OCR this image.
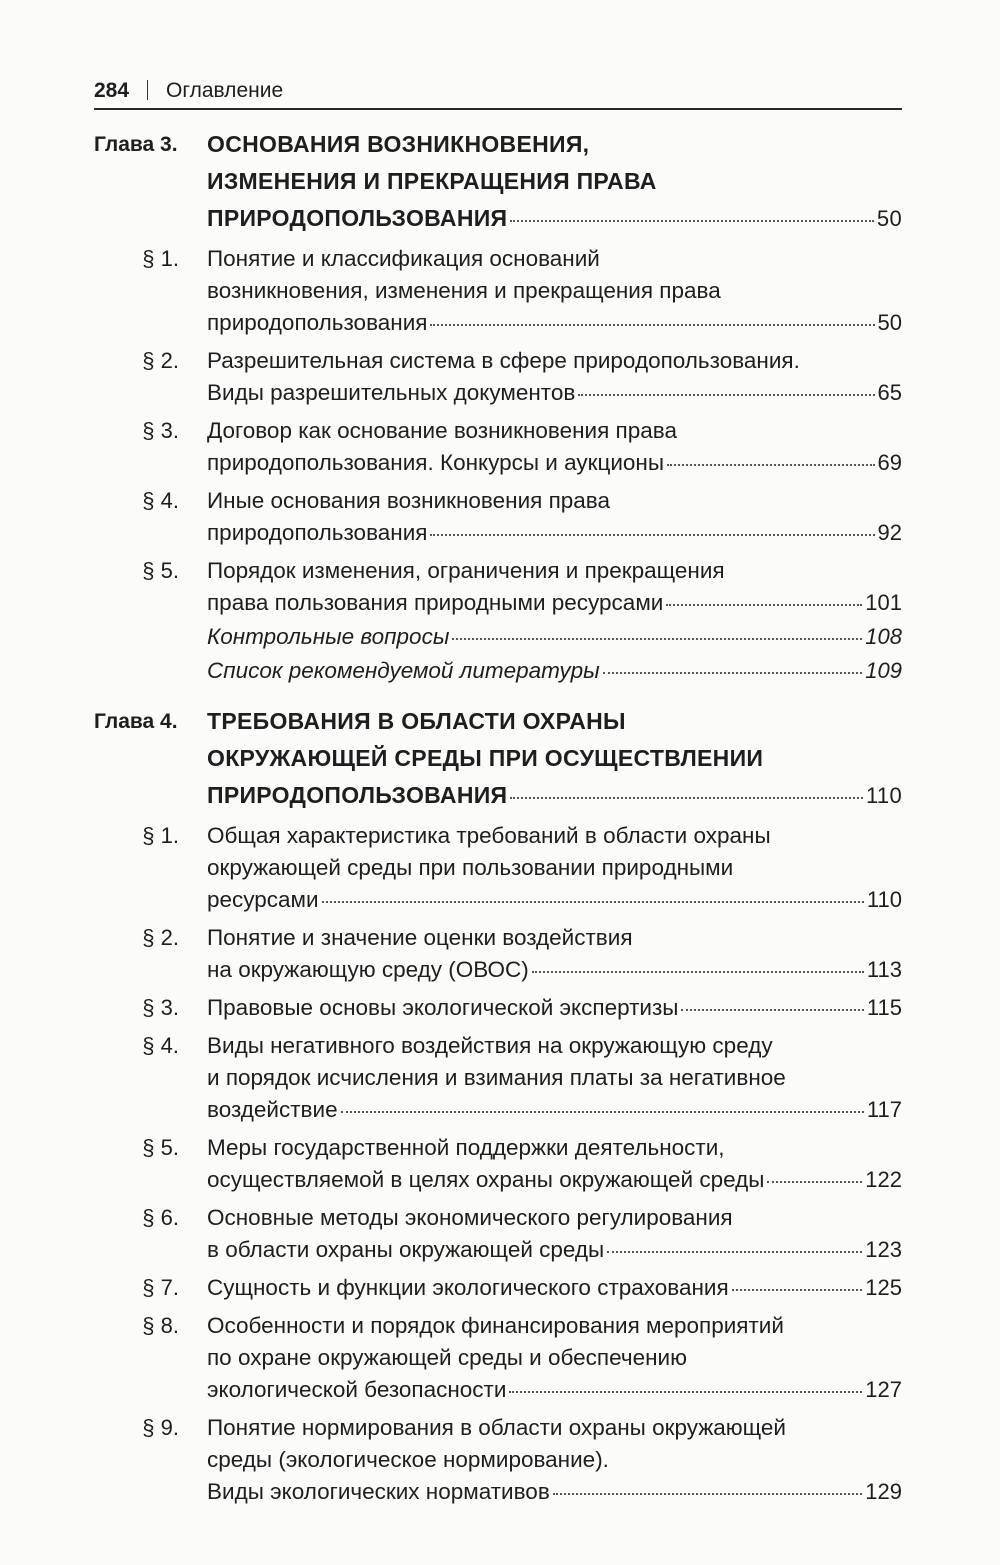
284 Оглавление
Глава 3.	ОСНОВАНИЯ ВОЗНИКНОВЕНИЯ,
ИЗМЕНЕНИЯ И ПРЕКРАЩЕНИЯ ПРАВА
ПРИРОДОПОЛЬЗОВАНИЯ	50
§ 1.	Понятие и классификация оснований
возникновения, изменения и прекращения права
природопользования	50
§ 2.	Разрешительная система в сфере природопользования.
Виды разрешительных документов	65
§ 3.	Договор как основание возникновения права
природопользования. Конкурсы и аукционы	69
§ 4.	Иные основания возникновения права
природопользования	92
§ 5.	Порядок изменения, ограничения и прекращения
права пользования природными ресурсами	101
Контрольные вопросы	108
Список рекомендуемой литературы	109
Глава 4.	ТРЕБОВАНИЯ В ОБЛАСТИ ОХРАНЫ
ОКРУЖАЮЩЕЙ СРЕДЫ ПРИ ОСУЩЕСТВЛЕНИИ
ПРИРОДОПОЛЬЗОВАНИЯ	110
§ 1.	Общая характеристика требований в области охраны
окружающей среды при пользовании природными
ресурсами	110
§ 2.	Понятие и значение оценки воздействия
на окружающую среду (ОВОС)	113
§ 3.	Правовые основы экологической экспертизы	115
§ 4.	Виды негативного воздействия на окружающую среду
и порядок исчисления и взимания платы за негативное
воздействие	117
§ 5.	Меры государственной поддержки деятельности,
осуществляемой в целях охраны окружающей среды	122
§ 6.	Основные методы экономического регулирования
в области охраны окружающей среды	123
§ 7.	Сущность и функции экологического страхования	125
§ 8.	Особенности и порядок финансирования мероприятий
по охране окружающей среды и обеспечению
экологической безопасности	127
§ 9.	Понятие нормирования в области охраны окружающей
среды (экологическое нормирование).
Виды экологических нормативов	129
